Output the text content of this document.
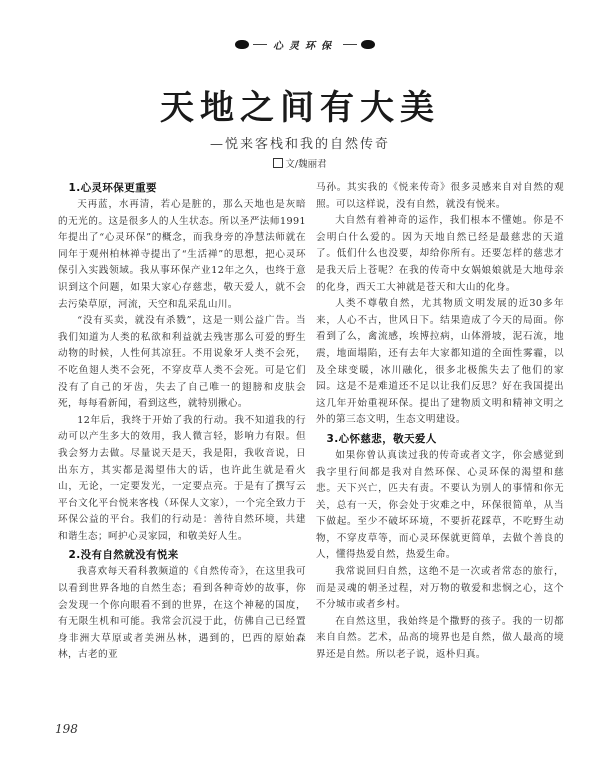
心灵环保
天地之间有大美
—悦来客栈和我的自然传奇
文/魏丽君
1.心灵环保更重要

天再蓝，水再清，若心是脏的，那么天地也是灰暗的无光的。这是很多人的人生状态。所以圣严法师1991年提出了“心灵环保”的概念，而我身旁的净慧法师就在同年于观州柏林禅寺提出了“生活禅”的思想，把心灵环保引入实践领域。我从事环保产业12年之久，也终于意识到这个问题，如果大家心存慈悲，敬天爱人，就不会去污染草原，河流，天空和乱采乱山川。

“没有买卖，就没有杀戮”，这是一则公益广告。当我们知道为人类的私欲和利益就去残害那么可爱的野生动物的时候，人性何其凉狂。不用说象牙人类不会死，不吃鱼翅人类不会死，不穿皮草人类不会死。可是它们没有了自己的牙齿，失去了自己唯一的翅膀和皮肤会死，每每看新闻，看到这些，就特别揪心。

12年后，我终于开始了我的行动。我不知道我的行动可以产生多大的效用，我人微言轻，影响力有限。但我会努力去做。尽量说天是天，我是阳，我收音说，日出东方，其实都是渴望伟大的话，也许此生就是看火山，无论，一定要发光，一定要点亮。于是有了撰写云平台文化平台悦来客栈（环保人文家），一个完全致力于环保公益的平台。我们的行动是：善待自然环境，共建和谐生态；呵护心灵家园，和敬美好人生。

2.没有自然就没有悦来

我喜欢每天看科教频道的《自然传奇》，在这里我可以看到世界各地的自然生态；看到各种奇妙的故事，你会发现一个你向眼看不到的世界，在这个神秘的国度，有无限生机和可能。我常会沉浸于此，仿佛自己已经置身非洲大草原或者美洲丛林，遇到的，巴西的原始森林，古老的亚

马孙。其实我的《悦来传奇》很多灵感来自对自然的观照。可以这样说，没有自然，就没有悦来。

大自然有着神奇的运作，我们根本不懂她。你是不会明白什么爱的。因为天地自然已经是最慈悲的天道了。低们什么也没要，却给你所有。还要怎样的慈悲才是我天后上苍呢？在我的传奇中女娲娘娘就是大地母亲的化身，西天工大神就是苍天和大山的化身。

人类不尊敬自然，尤其物质文明发展的近30多年来，人心不古，世风日下。结果造成了今天的局面。你看到了么，禽流感，埃博拉病，山体滑坡，泥石流，地震，地面塌陷，还有去年大家都知道的全面性雾霾，以及全球变暖，冰川融化，很多北极熊失去了他们的家园。这是不是难道还不足以让我们反思？好在我国提出这几年开始重视环保。提出了建物质文明和精神文明之外的第三态文明，生态文明建设。

3.心怀慈悲，敬天爱人

如果你曾认真读过我的传奇或者文字，你会感觉到我字里行间都是我对自然环保、心灵环保的渴望和慈悲。天下兴亡，匹夫有责。不要认为别人的事情和你无关，总有一天，你会处于灾难之中，环保很简单，从当下做起。至少不破坏环境，不要折花踩草，不吃野生动物，不穿皮草等，而心灵环保就更简单，去做个善良的人，懂得热爱自然，热爱生命。

我常说回归自然，这绝不是一次或者常态的旅行，而是灵魂的朝圣过程，对万物的敬爱和悲悯之心，这个不分城市或者乡村。

在自然这里，我始终是个撒野的孩子。我的一切都来自自然。艺术，品高的境界也是自然，做人最高的境界还是自然。所以老子说，返朴归真。

198
